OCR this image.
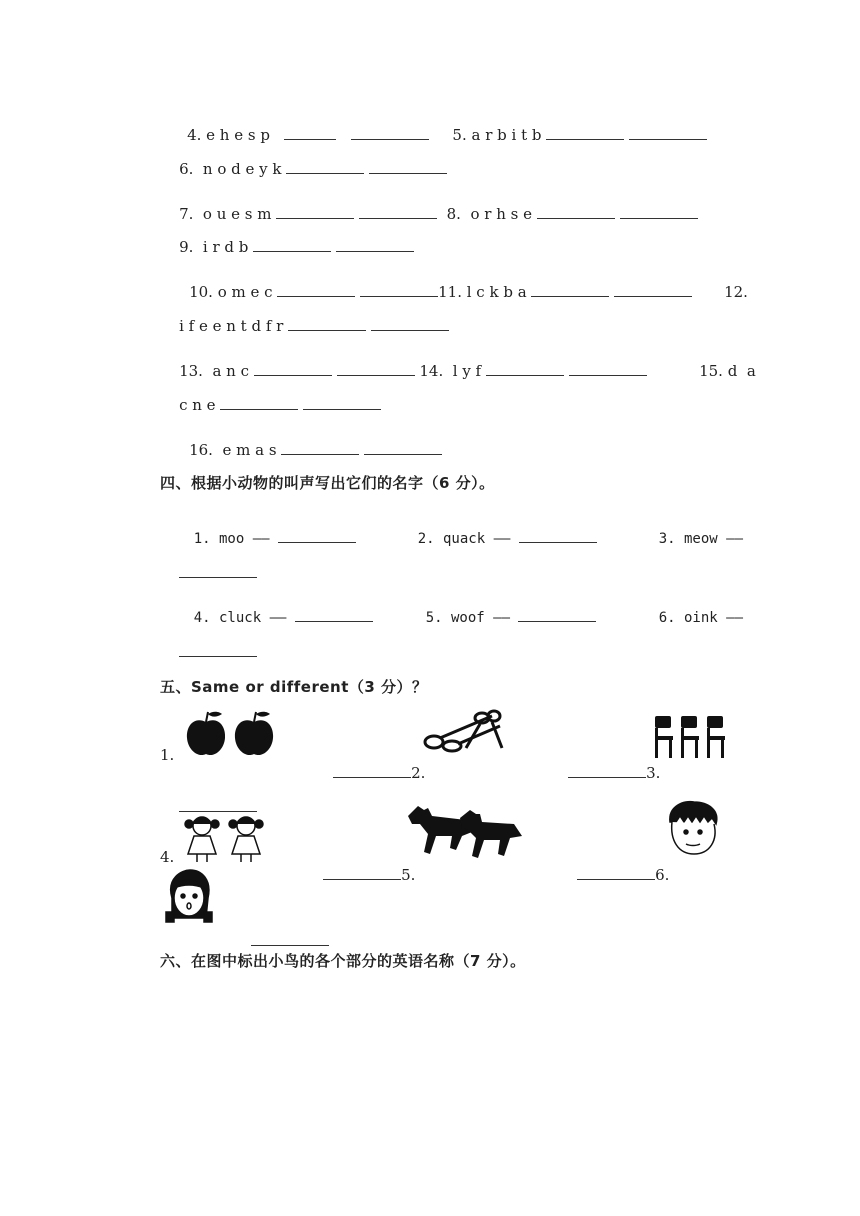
4. e h e s p	5. a r b i t b

6.  n o d e y k

7.  o u e s m	8.  o r h s e

9.  i r d b

10. o m e c	11. l c k b a
	12.

i f e e n t d f r

13.  a n c	14.  l y f
	15. d  a

c n e

16.  e m a s

四、根据小动物的叫声写出它们的名字（6 分）。

1. moo ——
	2. quack ——
	3. meow ——

4. cluck ——
	5. woof ——
	6. oink ——

五、Same or different（3 分）？
1.

2.
	3.

4.

5.
	6.

六、在图中标出小鸟的各个部分的英语名称（7 分）。
